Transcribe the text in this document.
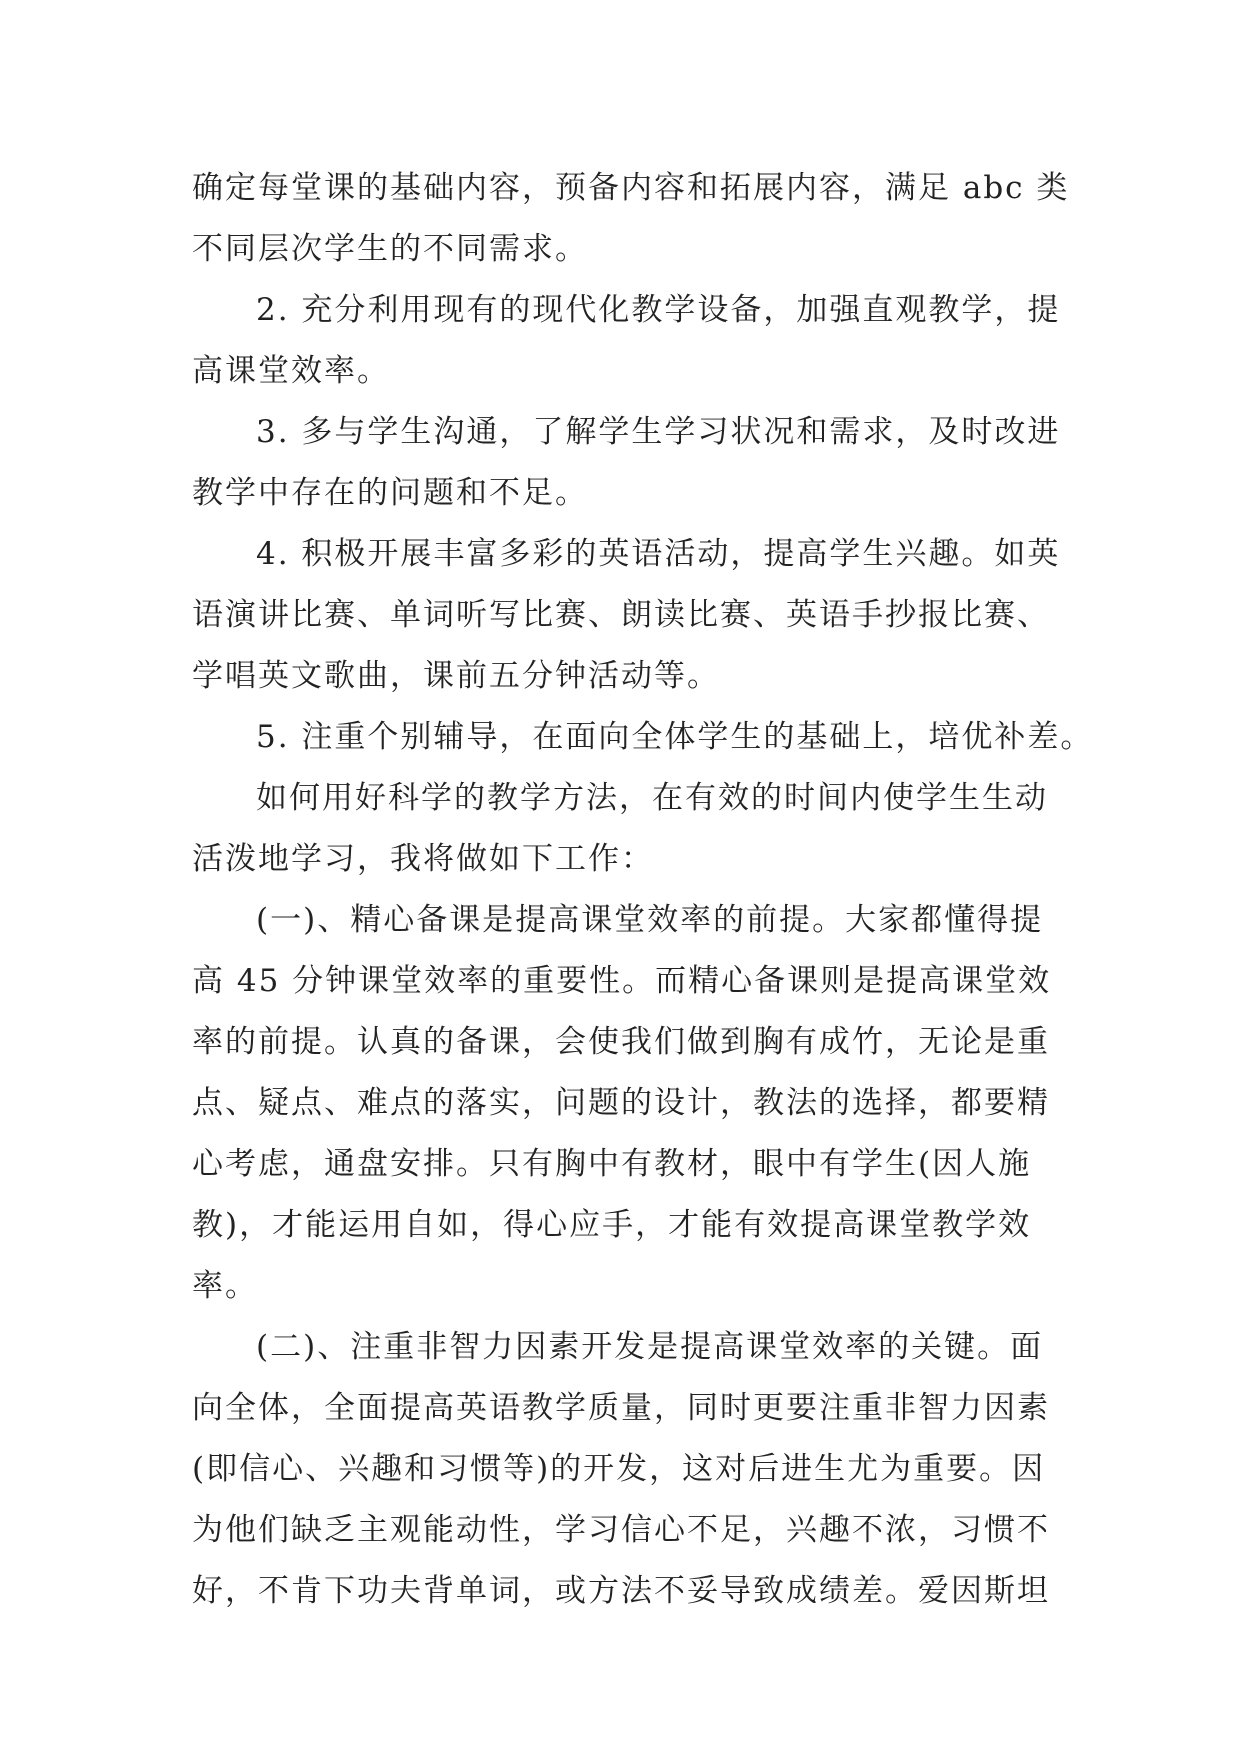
确定每堂课的基础内容，预备内容和拓展内容，满足 abc 类
不同层次学生的不同需求。

2. 充分利用现有的现代化教学设备，加强直观教学，提
高课堂效率。

3. 多与学生沟通，了解学生学习状况和需求，及时改进
教学中存在的问题和不足。

4. 积极开展丰富多彩的英语活动，提高学生兴趣。如英
语演讲比赛、单词听写比赛、朗读比赛、英语手抄报比赛、
学唱英文歌曲，课前五分钟活动等。

5. 注重个别辅导，在面向全体学生的基础上，培优补差。

如何用好科学的教学方法，在有效的时间内使学生生动
活泼地学习，我将做如下工作：

(一)、精心备课是提高课堂效率的前提。大家都懂得提
高 45 分钟课堂效率的重要性。而精心备课则是提高课堂效
率的前提。认真的备课，会使我们做到胸有成竹，无论是重
点、疑点、难点的落实，问题的设计，教法的选择，都要精
心考虑，通盘安排。只有胸中有教材，眼中有学生(因人施
教)，才能运用自如，得心应手，才能有效提高课堂教学效
率。

(二)、注重非智力因素开发是提高课堂效率的关键。面
向全体，全面提高英语教学质量，同时更要注重非智力因素
(即信心、兴趣和习惯等)的开发，这对后进生尤为重要。因
为他们缺乏主观能动性，学习信心不足，兴趣不浓，习惯不
好，不肯下功夫背单词，或方法不妥导致成绩差。爱因斯坦
